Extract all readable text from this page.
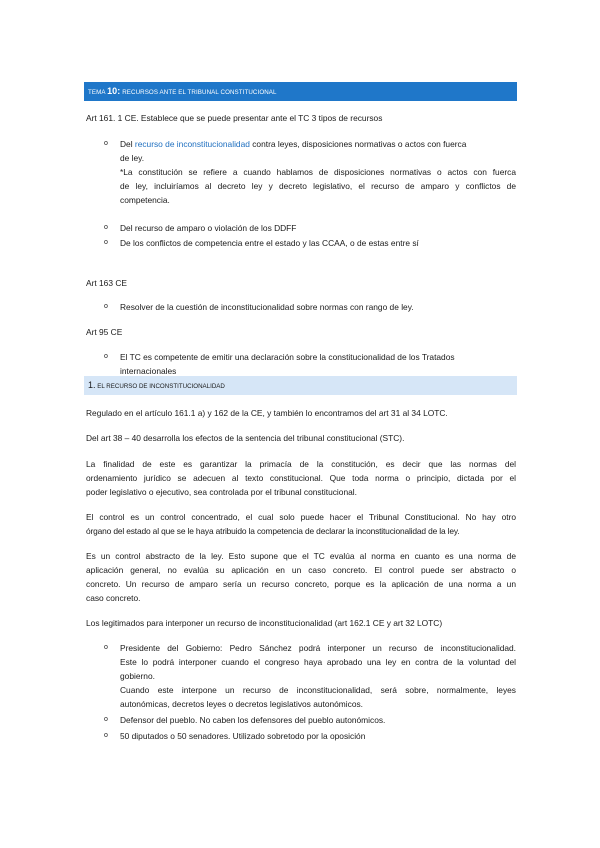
TEMA 10: RECURSOS ANTE EL TRIBUNAL CONSTITUCIONAL
Art 161. 1 CE. Establece que se puede presentar ante el TC 3 tipos de recursos
o Del recurso de inconstitucionalidad contra leyes, disposiciones normativas o actos con fuerca
de ley.
*La constitución se refiere a cuando hablamos de disposiciones normativas o actos con fuerca
de ley, incluiríamos al decreto ley y decreto legislativo, el recurso de amparo y conflictos de
competencia.
o Del recurso de amparo o violación de los DDFF
o De los conflictos de competencia entre el estado y las CCAA, o de estas entre sí
Art 163 CE
o Resolver de la cuestión de inconstitucionalidad sobre normas con rango de ley.
Art 95 CE
o El TC es competente de emitir una declaración sobre la constitucionalidad de los Tratados
internacionales
1. EL RECURSO DE INCONSTITUCIONALIDAD
Regulado en el artículo 161.1 a) y 162 de la CE, y también lo encontramos del art 31 al 34 LOTC.
Del art 38 – 40 desarrolla los efectos de la sentencia del tribunal constitucional (STC).
La finalidad de este es garantizar la primacía de la constitución, es decir que las normas del
ordenamiento jurídico se adecuen al texto constitucional. Que toda norma o principio, dictada por el
poder legislativo o ejecutivo, sea controlada por el tribunal constitucional.
El control es un control concentrado, el cual solo puede hacer el Tribunal Constitucional. No hay otro
órgano del estado al que se le haya atribuido la competencia de declarar la inconstitucionalidad de la ley.
Es un control abstracto de la ley. Esto supone que el TC evalúa al norma en cuanto es una norma de
aplicación general, no evalúa su aplicación en un caso concreto. El control puede ser abstracto o
concreto. Un recurso de amparo sería un recurso concreto, porque es la aplicación de una norma a un
caso concreto.
Los legitimados para interponer un recurso de inconstitucionalidad (art 162.1 CE y art 32 LOTC)
o Presidente del Gobierno: Pedro Sánchez podrá interponer un recurso de inconstitucionalidad.
Este lo podrá interponer cuando el congreso haya aprobado una ley en contra de la voluntad del
gobierno.
Cuando este interpone un recurso de inconstitucionalidad, será sobre, normalmente, leyes
autonómicas, decretos leyes o decretos legislativos autonómicos.
o Defensor del pueblo. No caben los defensores del pueblo autonómicos.
o 50 diputados o 50 senadores. Utilizado sobretodo por la oposición
